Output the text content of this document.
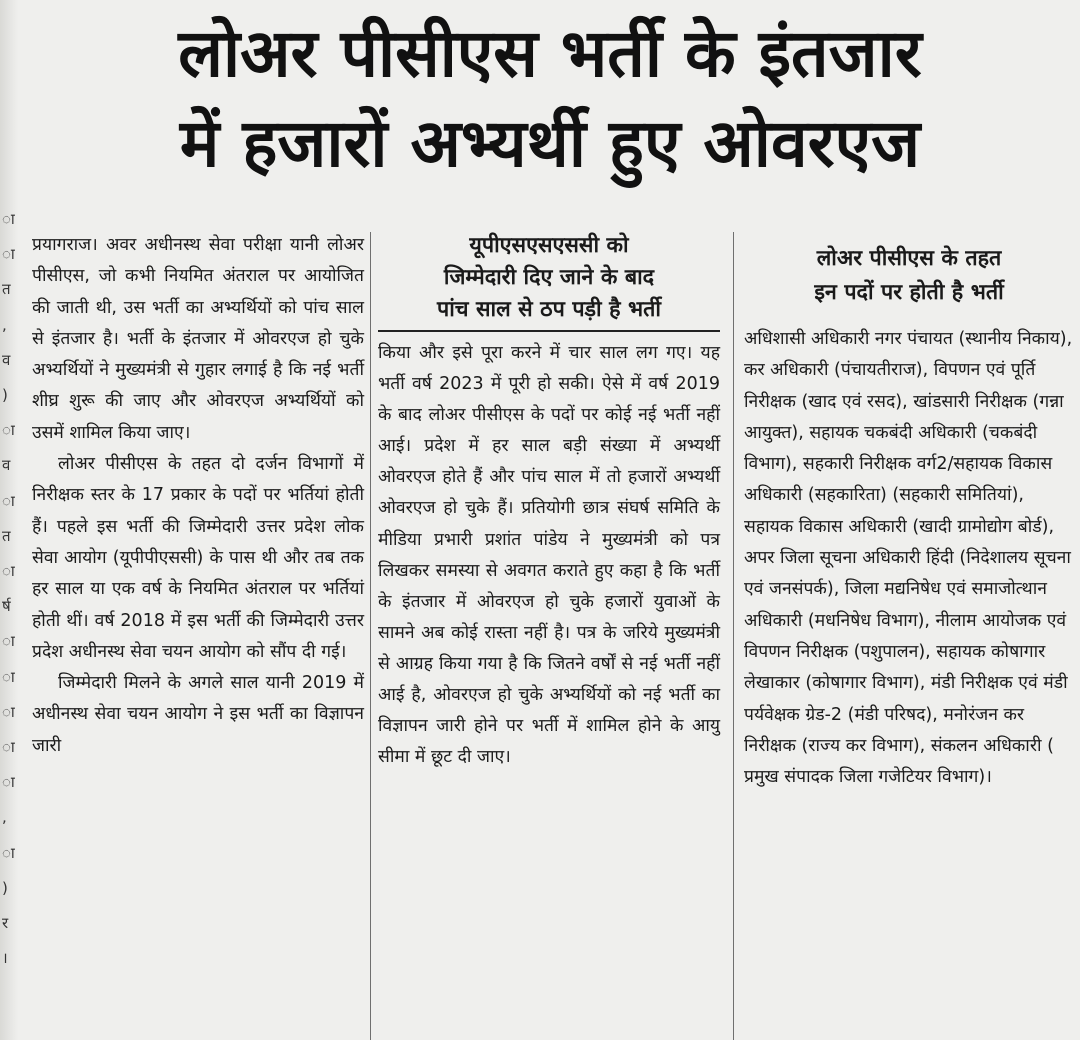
ा
ा
त
,
व
)
ा
व
ा
त
ा
र्ष
ा
ा
ा
ा
ा
,
ा
)
र
।
लोअर पीसीएस भर्ती के इंतजार
में हजारों अभ्यर्थी हुए ओवरएज

प्रयागराज। अवर अधीनस्थ सेवा परीक्षा यानी लोअर पीसीएस, जो कभी नियमित अंतराल पर आयोजित की जाती थी, उस भर्ती का अभ्यर्थियों को पांच साल से इंतजार है। भर्ती के इंतजार में ओवरएज हो चुके अभ्यर्थियों ने मुख्यमंत्री से गुहार लगाई है कि नई भर्ती शीघ्र शुरू की जाए और ओवरएज अभ्यर्थियों को उसमें शामिल किया जाए।

लोअर पीसीएस के तहत दो दर्जन विभागों में निरीक्षक स्तर के 17 प्रकार के पदों पर भर्तियां होती हैं। पहले इस भर्ती की जिम्मेदारी उत्तर प्रदेश लोक सेवा आयोग (यूपीपीएससी) के पास थी और तब तक हर साल या एक वर्ष के नियमित अंतराल पर भर्तियां होती थीं। वर्ष 2018 में इस भर्ती की जिम्मेदारी उत्तर प्रदेश अधीनस्थ सेवा चयन आयोग को सौंप दी गई।

जिम्मेदारी मिलने के अगले साल यानी 2019 में अधीनस्थ सेवा चयन आयोग ने इस भर्ती का विज्ञापन जारी

यूपीएसएसएससी को
जिम्मेदारी दिए जाने के बाद
पांच साल से ठप पड़ी है भर्ती

किया और इसे पूरा करने में चार साल लग गए। यह भर्ती वर्ष 2023 में पूरी हो सकी। ऐसे में वर्ष 2019 के बाद लोअर पीसीएस के पदों पर कोई नई भर्ती नहीं आई। प्रदेश में हर साल बड़ी संख्या में अभ्यर्थी ओवरएज होते हैं और पांच साल में तो हजारों अभ्यर्थी ओवरएज हो चुके हैं। प्रतियोगी छात्र संघर्ष समिति के मीडिया प्रभारी प्रशांत पांडेय ने मुख्यमंत्री को पत्र लिखकर समस्या से अवगत कराते हुए कहा है कि भर्ती के इंतजार में ओवरएज हो चुके हजारों युवाओं के सामने अब कोई रास्ता नहीं है। पत्र के जरिये मुख्यमंत्री से आग्रह किया गया है कि जितने वर्षों से नई भर्ती नहीं आई है, ओवरएज हो चुके अभ्यर्थियों को नई भर्ती का विज्ञापन जारी होने पर भर्ती में शामिल होने के आयु सीमा में छूट दी जाए।

लोअर पीसीएस के तहत
इन पदों पर होती है भर्ती

अधिशासी अधिकारी नगर पंचायत (स्थानीय निकाय), कर अधिकारी (पंचायतीराज), विपणन एवं पूर्ति निरीक्षक (खाद एवं रसद), खांडसारी निरीक्षक (गन्ना आयुक्त), सहायक चकबंदी अधिकारी (चकबंदी विभाग), सहकारी निरीक्षक वर्ग2/सहायक विकास अधिकारी (सहकारिता) (सहकारी समितियां), सहायक विकास अधिकारी (खादी ग्रामोद्योग बोर्ड), अपर जिला सूचना अधिकारी हिंदी (निदेशालय सूचना एवं जनसंपर्क), जिला मद्यनिषेध एवं समाजोत्थान अधिकारी (मधनिषेध विभाग), नीलाम आयोजक एवं विपणन निरीक्षक (पशुपालन), सहायक कोषागार लेखाकार (कोषागार विभाग), मंडी निरीक्षक एवं मंडी पर्यवेक्षक ग्रेड-2 (मंडी परिषद), मनोरंजन कर निरीक्षक (राज्य कर विभाग), संकलन अधिकारी ( प्रमुख संपादक जिला गजेटियर विभाग)।
